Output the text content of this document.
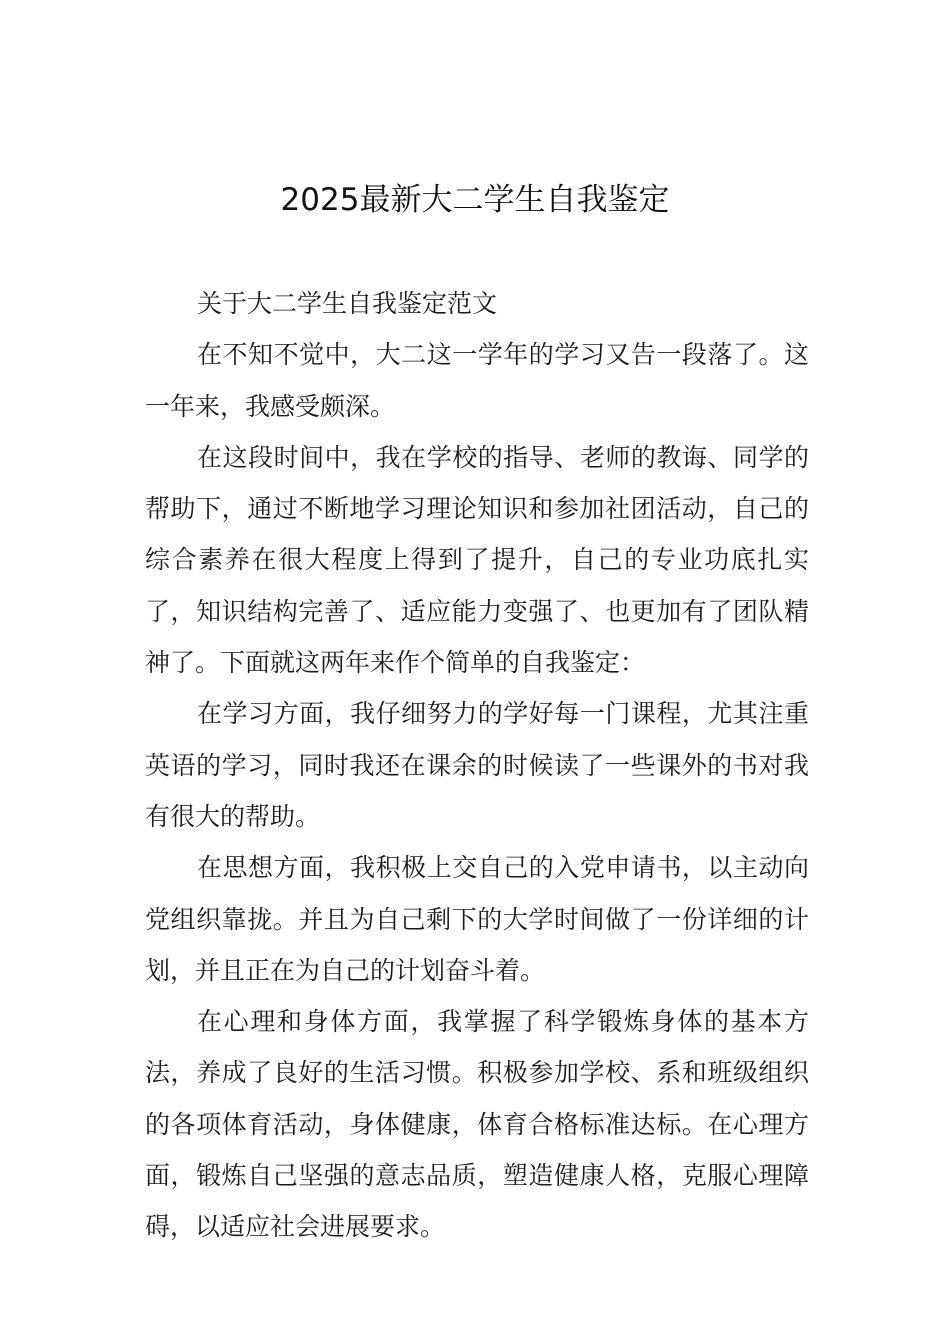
2025最新大二学生自我鉴定

关于大二学生自我鉴定范文

在不知不觉中，大二这一学年的学习又告一段落了。这一年来，我感受颇深。

在这段时间中，我在学校的指导、老师的教诲、同学的帮助下，通过不断地学习理论知识和参加社团活动，自己的综合素养在很大程度上得到了提升，自己的专业功底扎实了，知识结构完善了、适应能力变强了、也更加有了团队精神了。下面就这两年来作个简单的自我鉴定：

在学习方面，我仔细努力的学好每一门课程，尤其注重英语的学习，同时我还在课余的时候读了一些课外的书对我有很大的帮助。

在思想方面，我积极上交自己的入党申请书，以主动向党组织靠拢。并且为自己剩下的大学时间做了一份详细的计划，并且正在为自己的计划奋斗着。

在心理和身体方面，我掌握了科学锻炼身体的基本方法，养成了良好的生活习惯。积极参加学校、系和班级组织的各项体育活动，身体健康，体育合格标准达标。在心理方面，锻炼自己坚强的意志品质，塑造健康人格，克服心理障碍，以适应社会进展要求。
